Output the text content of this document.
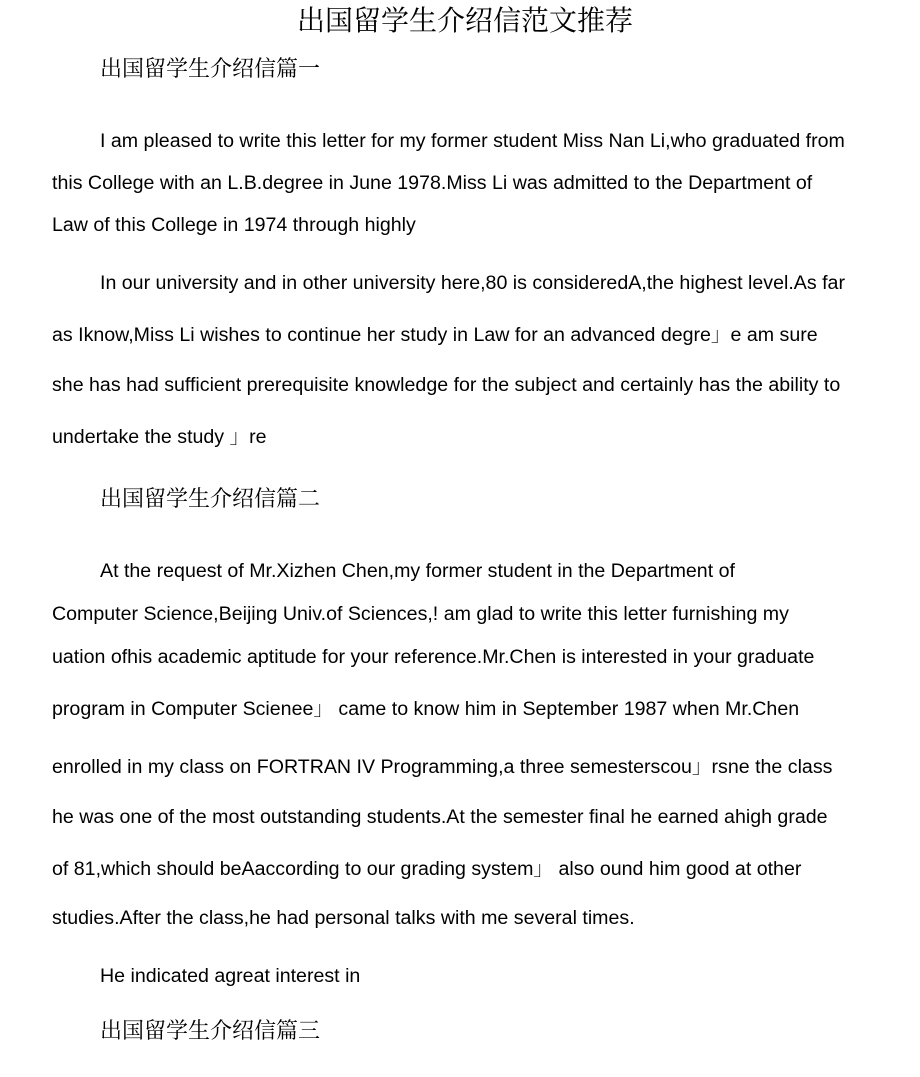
出国留学生介绍信范文推荐
出国留学生介绍信篇一
I am pleased to write this letter for my former student Miss Nan Li,who graduated from
this College with an L.B.degree in June 1978.Miss Li was admitted to the Department of
Law of this College in 1974 through highly
In our university and in other university here,80 is consideredA,the highest level.As far
as Iknow,Miss Li wishes to continue her study in Law for an advanced degre」e am sure
she has had sufficient prerequisite knowledge for the subject and certainly has the ability to
undertake the study 」re
出国留学生介绍信篇二
At the request of Mr.Xizhen Chen,my former student in the Department of
Computer Science,Beijing Univ.of Sciences,! am glad to write this letter furnishing my
uation ofhis academic aptitude for your reference.Mr.Chen is interested in your graduate
program in Computer Scienee」 came to know him in September 1987 when Mr.Chen
enrolled in my class on FORTRAN IV Programming,a three semesterscou」rsne the class
he was one of the most outstanding students.At the semester final he earned ahigh grade
of 81,which should beAaccording to our grading system」 also ound him good at other
studies.After the class,he had personal talks with me several times.
He indicated agreat interest in
出国留学生介绍信篇三
